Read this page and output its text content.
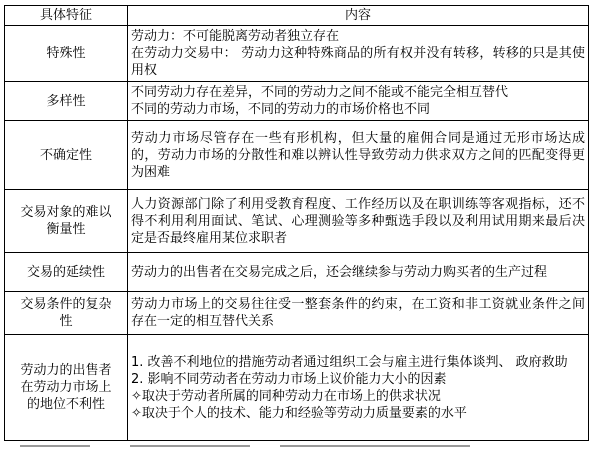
具体特征	内容

特殊性	劳动力：不可能脱离劳动者独立存在
在劳动力交易中： 劳动力这种特殊商品的所有权并没有转移，转移的只是其使用权

多样性	不同劳动力存在差异，不同的劳动力之间不能或不能完全相互替代
不同的劳动力市场，不同的劳动力的市场价格也不同

不确定性	劳动力市场尽管存在一些有形机构，但大量的雇佣合同是通过无形市场达成的，劳动力市场的分散性和难以辨认性导致劳动力供求双方之间的匹配变得更为困难

交易对象的难以
衡量性	人力资源部门除了利用受教育程度、工作经历以及在职训练等客观指标，还不得不利用利用面试、笔试、心理测验等多种甄选手段以及利用试用期来最后决定是否最终雇用某位求职者

交易的延续性	劳动力的出售者在交易完成之后，还会继续参与劳动力购买者的生产过程

交易条件的复杂
性	劳动力市场上的交易往往受一整套条件的约束，在工资和非工资就业条件之间存在一定的相互替代关系

劳动力的出售者
在劳动力市场上
的地位不利性	1. 改善不利地位的措施劳动者通过组织工会与雇主进行集体谈判、 政府救助
2. 影响不同劳动者在劳动力市场上议价能力大小的因素
✧取决于劳动者所属的同种劳动力在市场上的供求状况
✧取决于个人的技术、能力和经验等劳动力质量要素的水平
